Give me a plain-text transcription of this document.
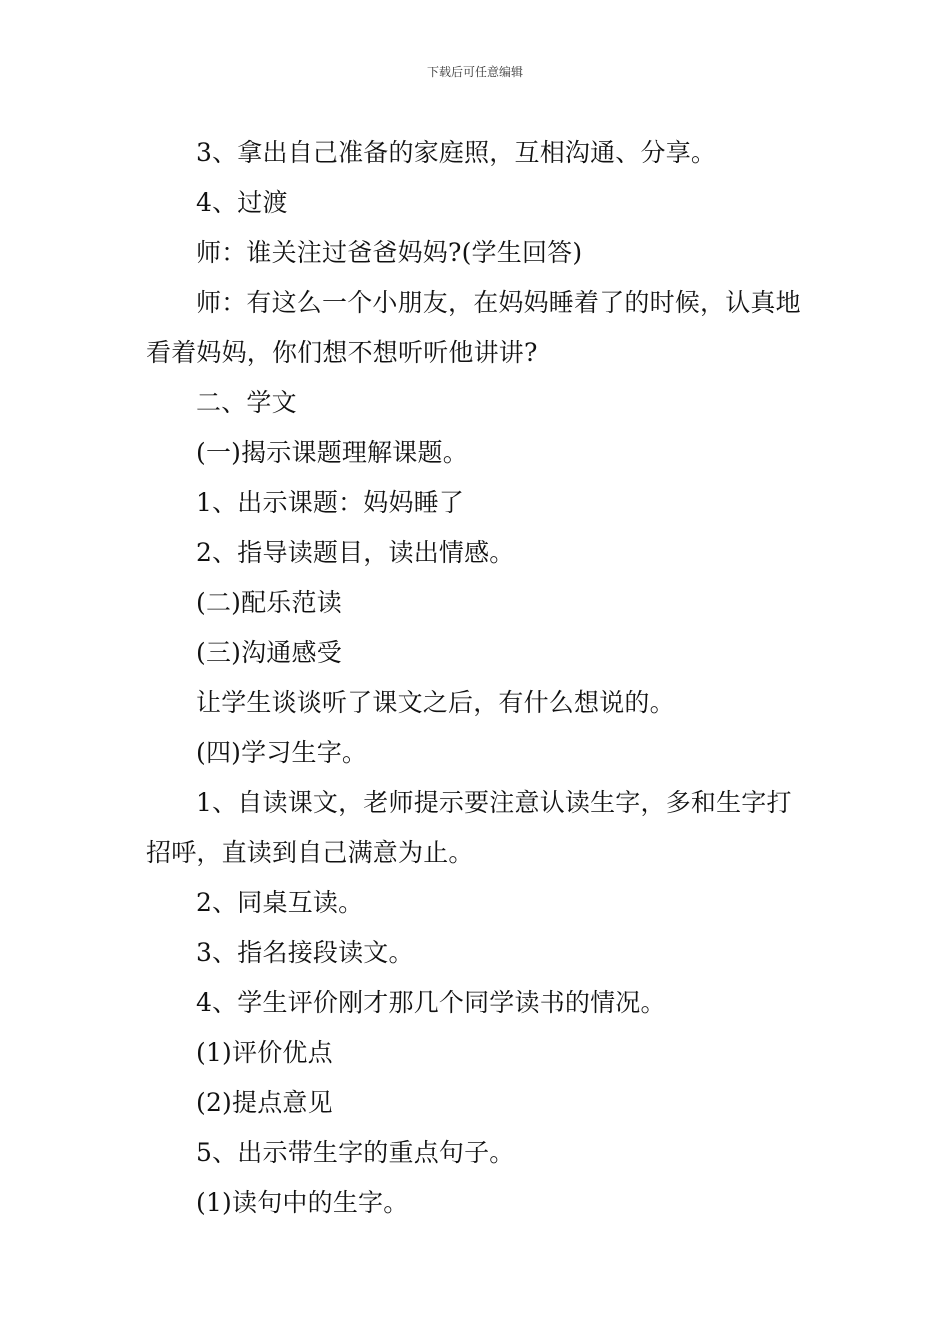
下载后可任意编辑

3、拿出自己准备的家庭照，互相沟通、分享。

4、过渡

师：谁关注过爸爸妈妈?(学生回答)

师：有这么一个小朋友，在妈妈睡着了的时候，认真地看着妈妈，你们想不想听听他讲讲?

二、学文

(一)揭示课题理解课题。

1、出示课题：妈妈睡了

2、指导读题目，读出情感。

(二)配乐范读

(三)沟通感受

让学生谈谈听了课文之后，有什么想说的。

(四)学习生字。

1、自读课文，老师提示要注意认读生字，多和生字打招呼，直读到自己满意为止。

2、同桌互读。

3、指名接段读文。

4、学生评价刚才那几个同学读书的情况。

(1)评价优点

(2)提点意见

5、出示带生字的重点句子。

(1)读句中的生字。
